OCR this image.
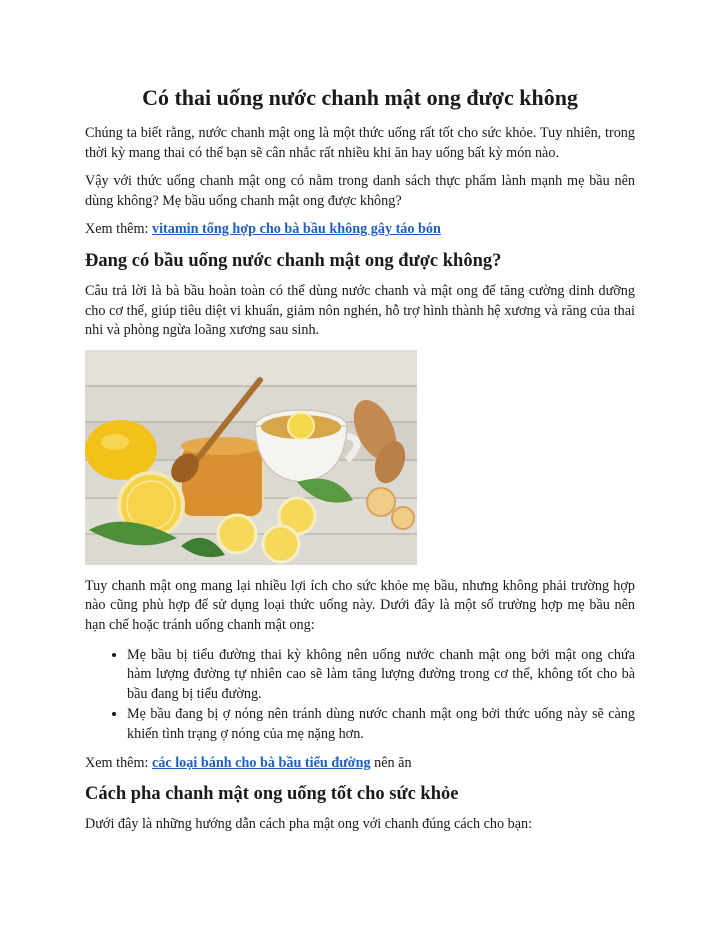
Có thai uống nước chanh mật ong được không

Chúng ta biết rằng, nước chanh mật ong là một thức uống rất tốt cho sức khỏe. Tuy nhiên, trong thời kỳ mang thai có thể bạn sẽ cân nhắc rất nhiều khi ăn hay uống bất kỳ món nào.

Vậy với thức uống chanh mật ong có nằm trong danh sách thực phẩm lành mạnh mẹ bầu nên dùng không? Mẹ bầu uống chanh mật ong được không?

Xem thêm: vitamin tổng hợp cho bà bầu không gây táo bón

Đang có bầu uống nước chanh mật ong được không?

Câu trả lời là bà bầu hoàn toàn có thể dùng nước chanh và mật ong để tăng cường dinh dưỡng cho cơ thể, giúp tiêu diệt vi khuẩn, giảm nôn nghén, hỗ trợ hình thành hệ xương và răng của thai nhi và phòng ngừa loãng xương sau sinh.

Tuy chanh mật ong mang lại nhiều lợi ích cho sức khỏe mẹ bầu, nhưng không phải trường hợp nào cũng phù hợp để sử dụng loại thức uống này. Dưới đây là một số trường hợp mẹ bầu nên hạn chế hoặc tránh uống chanh mật ong:

• Mẹ bầu bị tiểu đường thai kỳ không nên uống nước chanh mật ong bởi mật ong chứa hàm lượng đường tự nhiên cao sẽ làm tăng lượng đường trong cơ thể, không tốt cho bà bầu đang bị tiểu đường.
• Mẹ bầu đang bị ợ nóng nên tránh dùng nước chanh mật ong bởi thức uống này sẽ càng khiến tình trạng ợ nóng của mẹ nặng hơn.

Xem thêm: các loại bánh cho bà bầu tiểu đường nên ăn

Cách pha chanh mật ong uống tốt cho sức khỏe

Dưới đây là những hướng dẫn cách pha mật ong với chanh đúng cách cho bạn:
